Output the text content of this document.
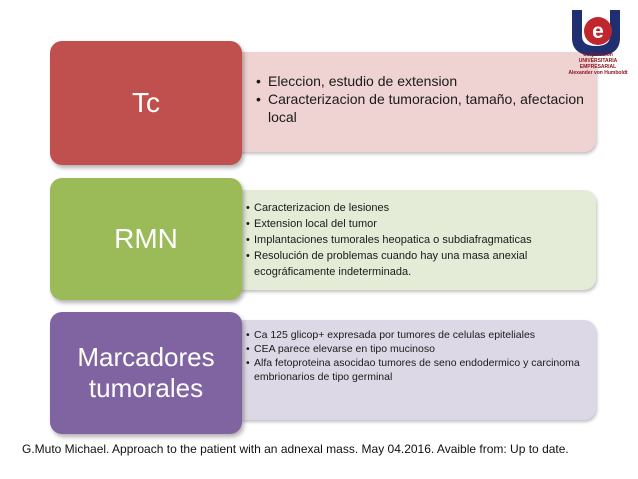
• Eleccion, estudio de extension
• Caracterizacion de tumoracion, tamaño, afectacion local
Tc
• Caracterizacion de lesiones
• Extension local del tumor
• Implantaciones tumorales heopatica o subdiafragmaticas
• Resolución de problemas cuando hay una masa anexial ecográficamente indeterminada.
RMN
• Ca 125 glicop+ expresada por tumores de celulas epiteliales
• CEA parece elevarse en tipo mucinoso
• Alfa fetoproteina asocidao tumores de seno endodermico y carcinoma embrionarios de tipo germinal
Marcadores
tumorales
e
Corporación
UNIVERSITARIA EMPRESARIAL
Alexander von Humboldt
G.Muto Michael. Approach to the patient with an adnexal mass. May 04.2016. Avaible from: Up to date.
